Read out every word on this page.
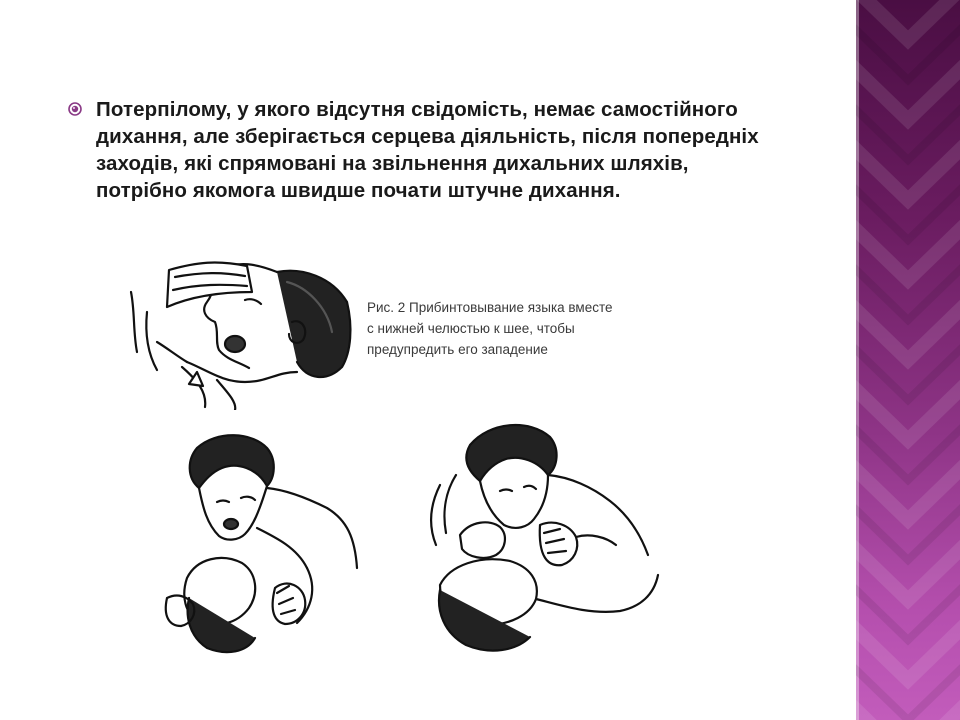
Потерпілому, у якого відсутня свідомість, немає самостійного
дихання, але зберігається серцева діяльність, після попередніх
заходів, які спрямовані на звільнення дихальних шляхів,
потрібно якомога швидше почати штучне дихання.

Рис. 2 Прибинтовывание языка вместе
с нижней челюстью к шее, чтобы
предупредить его западение
